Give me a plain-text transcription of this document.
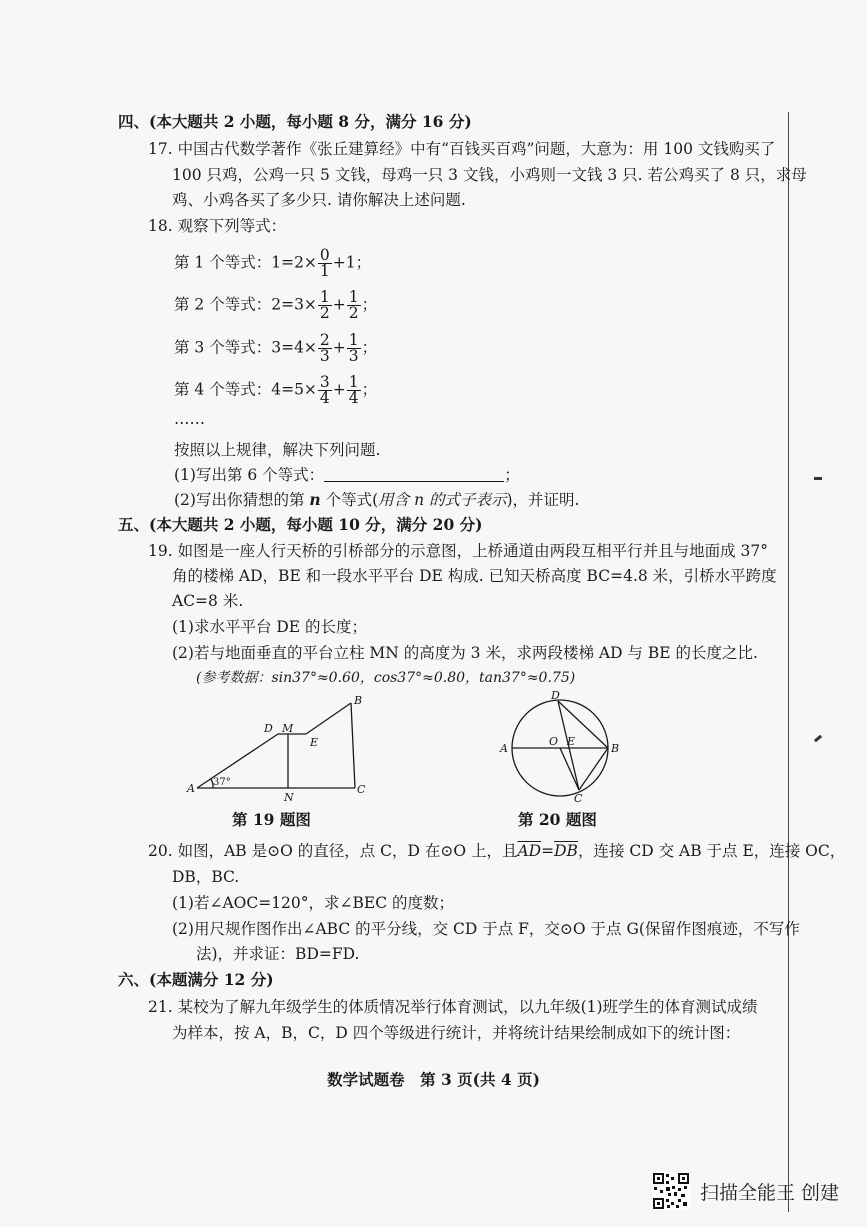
四、(本大题共 2 小题，每小题 8 分，满分 16 分)
17. 中国古代数学著作《张丘建算经》中有“百钱买百鸡”问题，大意为：用 100 文钱购买了
100 只鸡，公鸡一只 5 文钱，母鸡一只 3 文钱，小鸡则一文钱 3 只. 若公鸡买了 8 只，求母
鸡、小鸡各买了多少只. 请你解决上述问题.
18. 观察下列等式：
第 1 个等式：$1=2\times \frac{0}{1} +1$；
第 2 个等式：$2=3\times \frac{1}{2} + \frac{1}{2}$ ；
第 3 个等式：$3=4\times \frac{2}{3} + \frac{1}{3}$ ；
第 4 个等式：$4=5\times \frac{3}{4} + \frac{1}{4}$ ；
……
按照以上规律，解决下列问题.
(1)写出第 6 个等式：	；
(2)写出你猜想的第 n 个等式(用含 n 的式子表示)，并证明.
五、(本大题共 2 小题，每小题 10 分，满分 20 分)
19. 如图是一座人行天桥的引桥部分的示意图，上桥通道由两段互相平行并且与地面成 37°
角的楼梯 AD，BE 和一段水平平台 DE 构成. 已知天桥高度 BC=4.8 米，引桥水平跨度
AC=8 米.
(1)求水平平台 DE 的长度；
(2)若与地面垂直的平台立柱 MN 的高度为 3 米，求两段楼梯 AD 与 BE 的长度之比.
(参考数据：sin37°≈0.60，cos37°≈0.80，tan37°≈0.75)
A
B
C
D M
E
N
37°
第 19 题图
A	B
C
D
O E
第 20 题图
20. 如图，AB 是⊙O 的直径，点 C，D 在⊙O 上，且$\overline{AD}=\overline{DB}$，连接 CD 交 AB 于点 E，连接 OC，
DB，BC.
(1)若∠AOC=120°，求∠BEC 的度数；
(2)用尺规作图作出∠ABC 的平分线，交 CD 于点 F，交⊙O 于点 G(保留作图痕迹，不写作
法)，并求证：BD=FD.
六、(本题满分 12 分)
21. 某校为了解九年级学生的体质情况举行体育测试，以九年级(1)班学生的体育测试成绩
为样本，按 A，B，C，D 四个等级进行统计，并将统计结果绘制成如下的统计图：
数学试题卷　第 3 页(共 4 页)
扫描全能王 创建
